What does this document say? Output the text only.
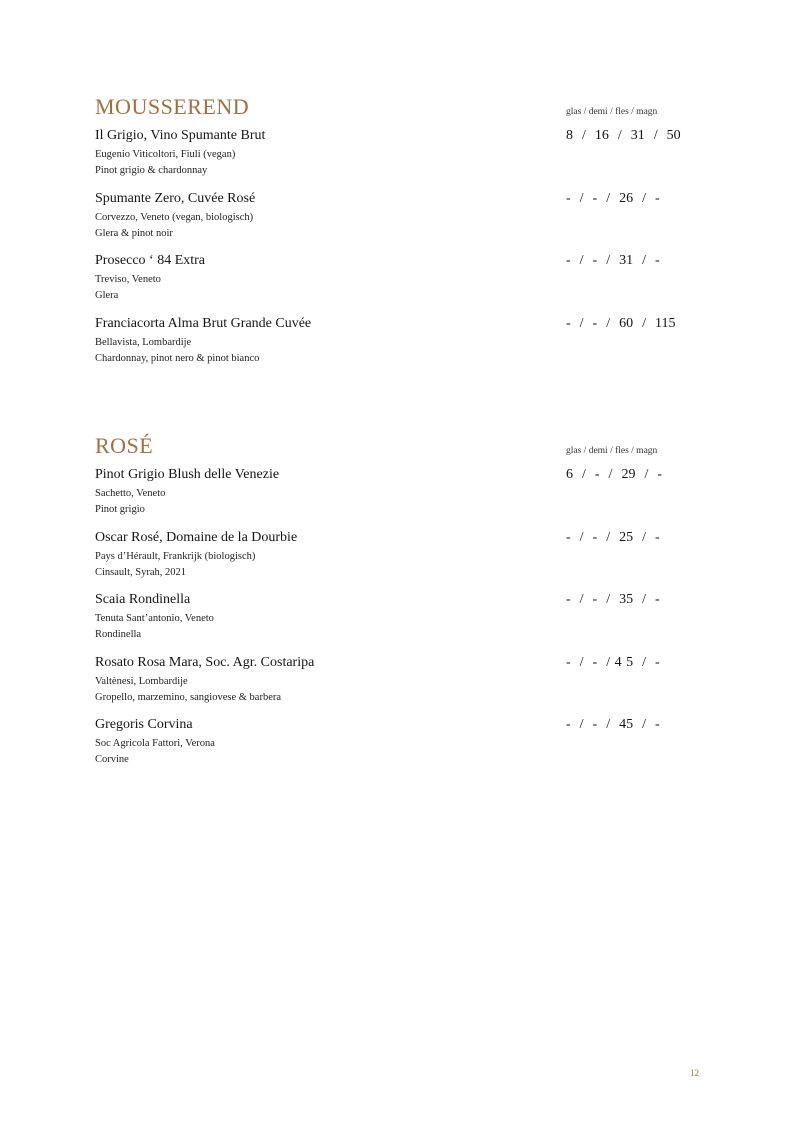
MOUSSEREND	glas / demi / fles / magn
Il Grigio, Vino Spumante Brut
Eugenio Viticoltori, Fiuli (vegan)
Pinot grigio & chardonnay
8  /  16  /  31  /  50
Spumante Zero, Cuvée Rosé
Corvezzo, Veneto (vegan, biologisch)
Glera & pinot noir
-  /  -  /  26  /  -
Prosecco ‘ 84 Extra
Treviso, Veneto
Glera
-  /  -  /  31  /  -
Franciacorta Alma Brut Grande Cuvée
Bellavista, Lombardije
Chardonnay, pinot nero & pinot bianco
-  /  -  /  60  /  115
ROSÉ	glas / demi / fles / magn
Pinot Grigio Blush delle Venezie
Sachetto, Veneto
Pinot grigio
6  /  -  /  29  /  -
Oscar Rosé, Domaine de la Dourbie
Pays d’Hérault, Frankrijk (biologisch)
Cinsault, Syrah, 2021
-  /  -  /  25  /  -
Scaia Rondinella
Tenuta Sant’antonio, Veneto
Rondinella
-  /  -  /  35  /  -
Rosato Rosa Mara, Soc. Agr. Costaripa
Valtènesi, Lombardije
Gropello, marzemino, sangiovese & barbera
-  /  -  / 4 5  /  -
Gregoris Corvina
Soc Agricola Fattori, Verona
Corvine
-  /  -  /  45  /  -
12
